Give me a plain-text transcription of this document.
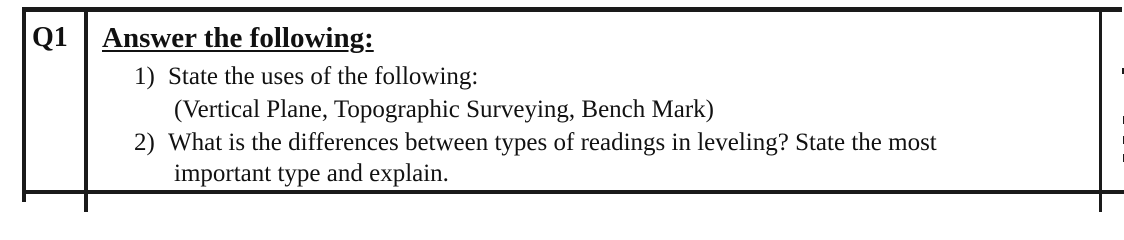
Q1 Answer the following:
1) State the uses of the following:
(Vertical Plane, Topographic Surveying, Bench Mark)
2) What is the differences between types of readings in leveling? State the most
important type and explain.
